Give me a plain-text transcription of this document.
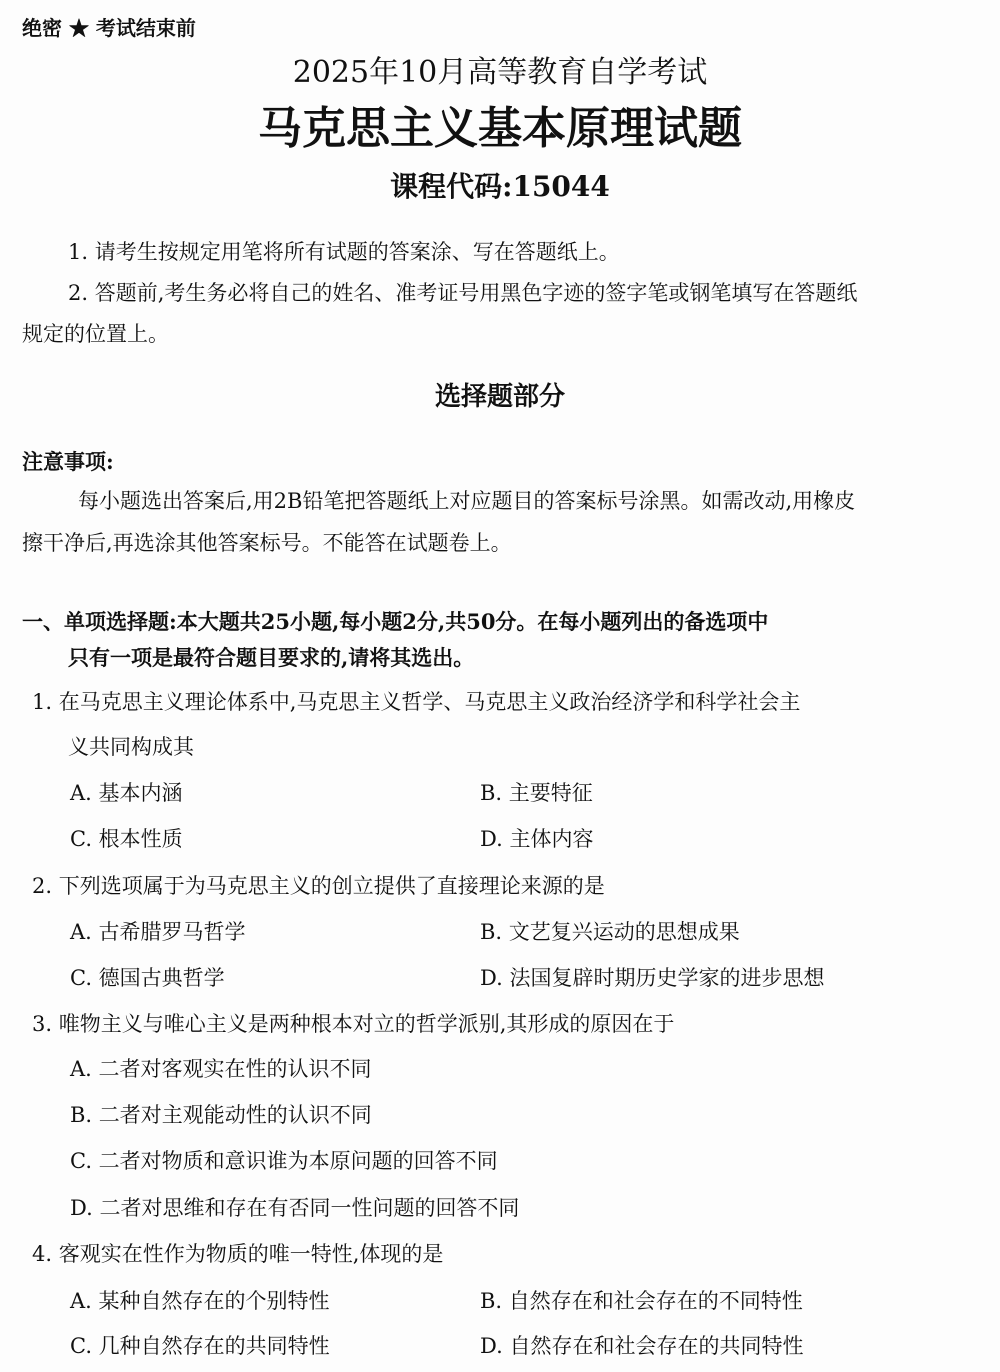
绝密 ★ 考试结束前
2025年10月高等教育自学考试
马克思主义基本原理试题
课程代码:15044
1. 请考生按规定用笔将所有试题的答案涂、写在答题纸上。
2. 答题前,考生务必将自己的姓名、准考证号用黑色字迹的签字笔或钢笔填写在答题纸
规定的位置上。
选择题部分
注意事项:
每小题选出答案后,用2B铅笔把答题纸上对应题目的答案标号涂黑。如需改动,用橡皮
擦干净后,再选涂其他答案标号。不能答在试题卷上。
一、单项选择题:本大题共25小题,每小题2分,共50分。在每小题列出的备选项中
只有一项是最符合题目要求的,请将其选出。
1. 在马克思主义理论体系中,马克思主义哲学、马克思主义政治经济学和科学社会主
义共同构成其
A. 基本内涵	B. 主要特征
C. 根本性质	D. 主体内容
2. 下列选项属于为马克思主义的创立提供了直接理论来源的是
A. 古希腊罗马哲学	B. 文艺复兴运动的思想成果
C. 德国古典哲学	D. 法国复辟时期历史学家的进步思想
3. 唯物主义与唯心主义是两种根本对立的哲学派别,其形成的原因在于
A. 二者对客观实在性的认识不同
B. 二者对主观能动性的认识不同
C. 二者对物质和意识谁为本原问题的回答不同
D. 二者对思维和存在有否同一性问题的回答不同
4. 客观实在性作为物质的唯一特性,体现的是
A. 某种自然存在的个别特性	B. 自然存在和社会存在的不同特性
C. 几种自然存在的共同特性	D. 自然存在和社会存在的共同特性
